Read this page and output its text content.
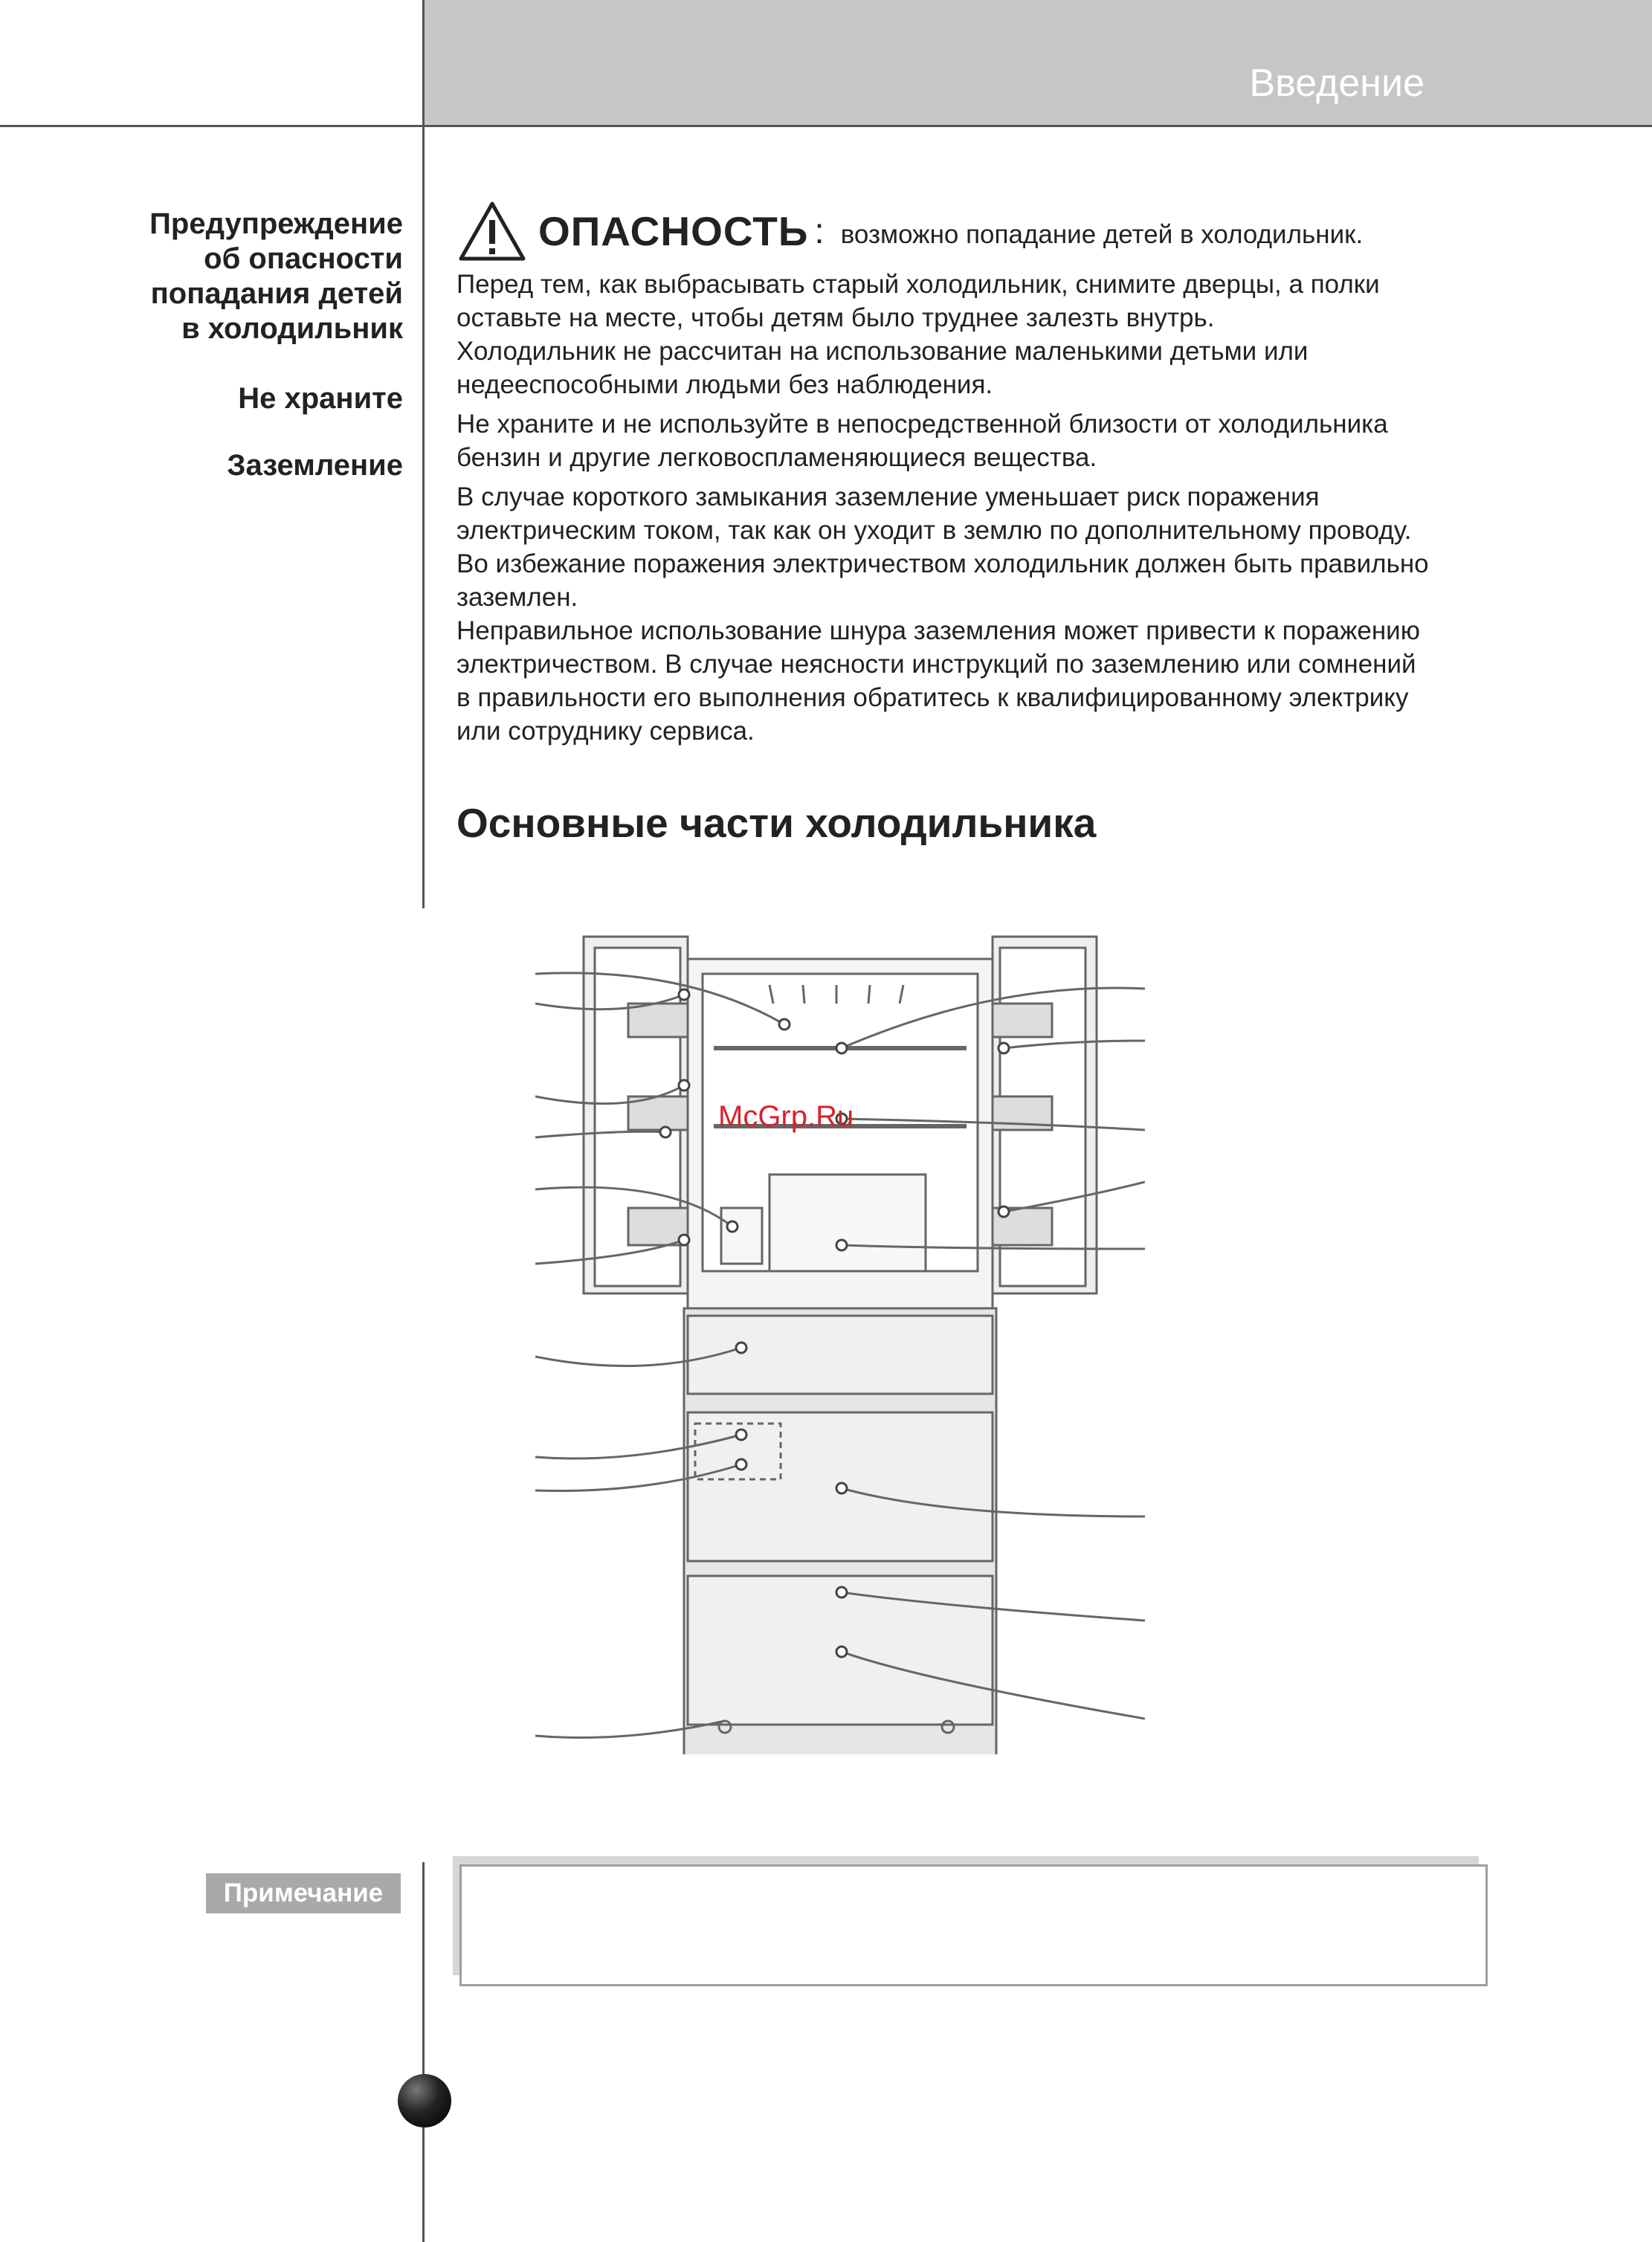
Введение
Предупреждение
об опасности
попадания детей
в холодильник
Не храните
Заземление
ОПАСНОСТЬ : возможно попадание детей в холодильник.

Перед тем, как выбрасывать старый холодильник, снимите дверцы, а полки

оставьте на месте, чтобы детям было труднее залезть внутрь.

Холодильник не рассчитан на использование маленькими детьми или

недееспособными людьми без наблюдения.

Не храните и не используйте в непосредственной близости от холодильника

бензин и другие легковоспламеняющиеся вещества.

В случае короткого замыкания заземление уменьшает риск поражения

электрическим током, так как он уходит в землю по дополнительному проводу.

Во избежание поражения электричеством холодильник должен быть правильно

заземлен.

Неправильное использование шнура заземления может привести к поражению

электричеством. В случае неясности инструкций по заземлению или сомнений

в правильности его выполнения обратитесь к квалифицированному электрику

или сотруднику сервиса.

Основные части холодильника
McGrp.Ru
Примечание
